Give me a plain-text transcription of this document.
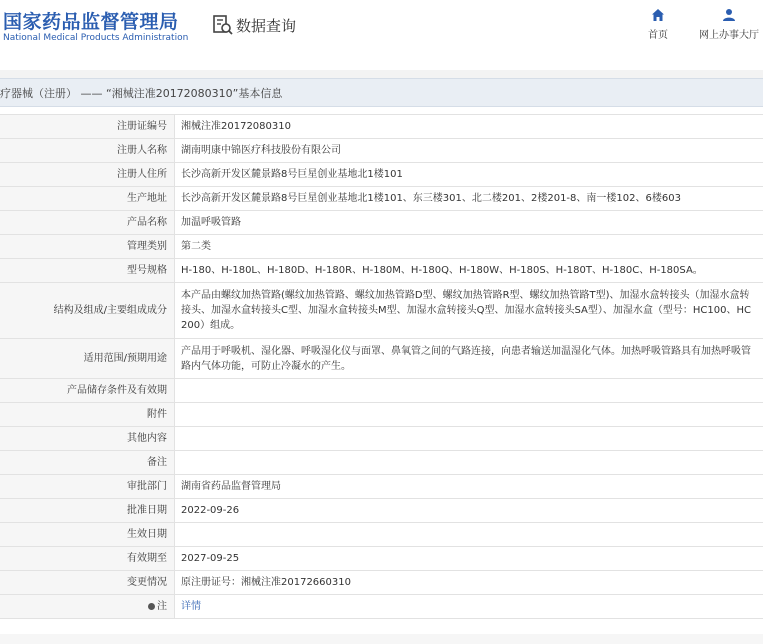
国家药品监督管理局
National Medical Products Administration
数据查询
首页	网上办事大厅
疗器械（注册） —— “湘械注准20172080310”基本信息
注册证编号	湘械注准20172080310
注册人名称	湖南明康中锦医疗科技股份有限公司
注册人住所	长沙高新开发区麓景路8号巨星创业基地北1楼101
生产地址	长沙高新开发区麓景路8号巨星创业基地北1楼101、东三楼301、北二楼201、2楼201-8、南一楼102、6楼603
产品名称	加温呼吸管路
管理类别	第二类
型号规格	H-180、H-180L、H-180D、H-180R、H-180M、H-180Q、H-180W、H-180S、H-180T、H-180C、H-180SA。
结构及组成/主要组成成分	本产品由螺纹加热管路(螺纹加热管路、螺纹加热管路D型、螺纹加热管路R型、螺纹加热管路T型)、加湿水盒转接头（加湿水盒转接头、加湿水盒转接头C型、加湿水盒转接头M型、加湿水盒转接头Q型、加湿水盒转接头SA型）、加湿水盒（型号：HC100、HC200）组成。
适用范围/预期用途	产品用于呼吸机、湿化器、呼吸湿化仪与面罩、鼻氧管之间的气路连接，向患者输送加温湿化气体。加热呼吸管路具有加热呼吸管路内气体功能，可防止冷凝水的产生。
产品储存条件及有效期	
附件	
其他内容	
备注	
审批部门	湖南省药品监督管理局
批准日期	2022-09-26
生效日期	
有效期至	2027-09-25
变更情况	原注册证号：湘械注准20172660310
注	详情
